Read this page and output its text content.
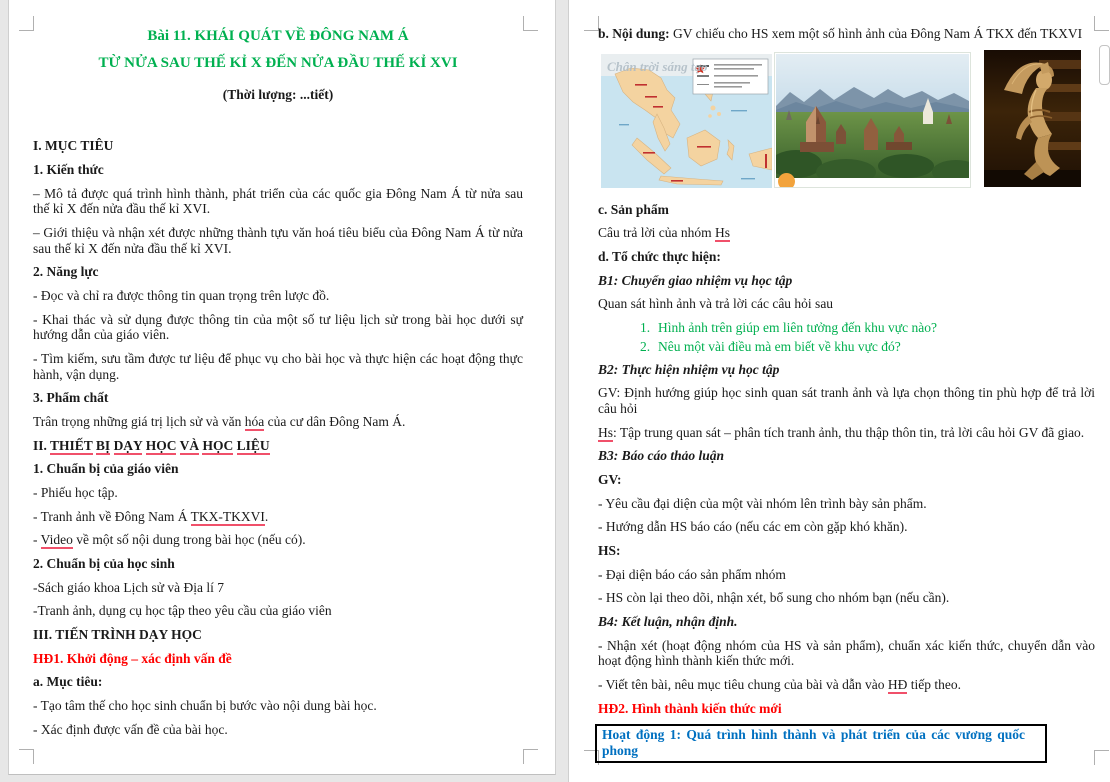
Bài 11. KHÁI QUÁT VỀ ĐÔNG NAM Á

TỪ NỬA SAU THẾ KỈ X ĐẾN NỬA ĐẦU THẾ KỈ XVI

(Thời lượng: ...tiết)

I. MỤC TIÊU

1. Kiến thức

– Mô tả được quá trình hình thành, phát triển của các quốc gia Đông Nam Á từ nửa sau thế kỉ X đến nửa đầu thế kỉ XVI.

– Giới thiệu và nhận xét được những thành tựu văn hoá tiêu biểu của Đông Nam Á từ nửa sau thế kỉ X đến nửa đầu thế kỉ XVI.

2. Năng lực

- Đọc và chỉ ra được thông tin quan trọng trên lược đồ.

- Khai thác và sử dụng được thông tin của một số tư liệu lịch sử trong bài học dưới sự hướng dẫn của giáo viên.

- Tìm kiếm, sưu tầm được tư liệu để phục vụ cho bài học và thực hiện các hoạt động thực hành, vận dụng.

3. Phẩm chất

Trân trọng những giá trị lịch sử và văn hóa của cư dân Đông Nam Á.

II. THIẾT BỊ DẠY HỌC VÀ HỌC LIỆU

1. Chuẩn bị của giáo viên

- Phiếu học tập.

- Tranh ảnh về Đông Nam Á TKX-TKXVI.

- Video về một số nội dung trong bài học (nếu có).

2. Chuẩn bị của học sinh

-Sách giáo khoa Lịch sử và Địa lí 7

-Tranh ảnh, dụng cụ học tập theo yêu cầu của giáo viên

III. TIẾN TRÌNH DẠY HỌC

HĐ1. Khởi động – xác định vấn đề

a. Mục tiêu:

- Tạo tâm thế cho học sinh chuẩn bị bước vào nội dung bài học.

- Xác định được vấn đề của bài học.

b. Nội dung: GV chiếu cho HS xem một số hình ảnh của Đông Nam Á TKX đến TKXVI

Chân trời sáng tạo

c. Sản phẩm

Câu trả lời của nhóm Hs

d. Tổ chức thực hiện:

B1: Chuyển giao nhiệm vụ học tập

Quan sát hình ảnh và trả lời các câu hỏi sau

1. Hình ảnh trên giúp em liên tưởng đến khu vực nào?

2. Nêu một vài điều mà em biết về khu vực đó?

B2: Thực hiện nhiệm vụ học tập

GV: Định hướng giúp học sinh quan sát tranh ảnh và lựa chọn thông tin phù hợp để trả lời câu hỏi

Hs: Tập trung quan sát – phân tích tranh ảnh, thu thập thôn tin, trả lời câu hỏi GV đã giao.

B3: Báo cáo thảo luận

GV:

- Yêu cầu đại diện của một vài nhóm lên trình bày sản phẩm.

- Hướng dẫn HS báo cáo (nếu các em còn gặp khó khăn).

HS:

- Đại diện báo cáo sản phẩm nhóm

- HS còn lại theo dõi, nhận xét, bổ sung cho nhóm bạn (nếu cần).

B4: Kết luận, nhận định.

- Nhận xét (hoạt động nhóm của HS và sản phẩm), chuẩn xác kiến thức, chuyển dẫn vào hoạt động hình thành kiến thức mới.

- Viết tên bài, nêu mục tiêu chung của bài và dẫn vào HĐ tiếp theo.

HĐ2. Hình thành kiến thức mới

Hoạt động 1: Quá trình hình thành và phát triển của các vương quốc phong
